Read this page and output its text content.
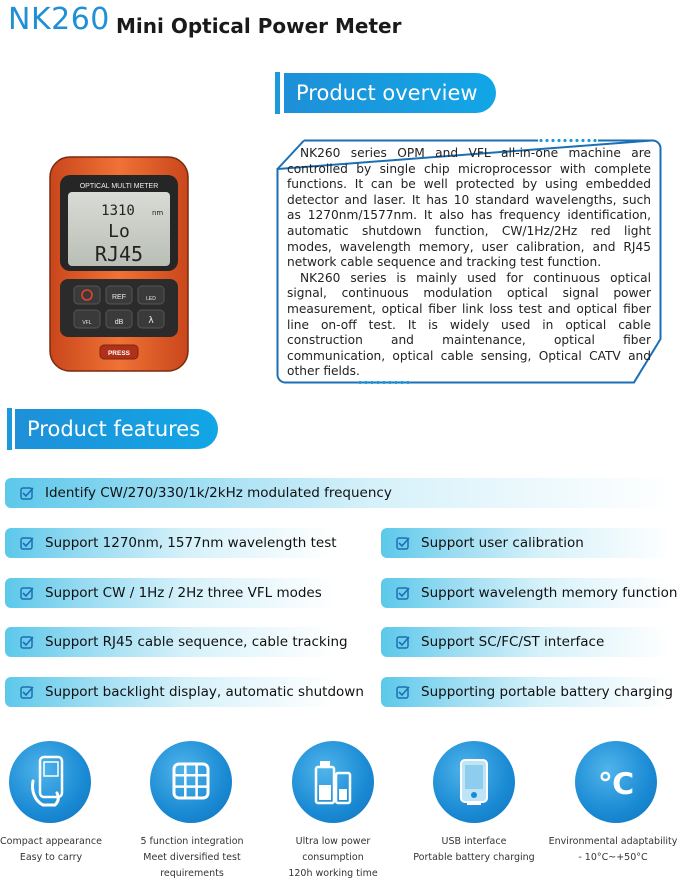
NK260 Mini Optical Power Meter
Product overview

NK260 series OPM and VFL all-in-one machine are controlled by single chip microprocessor with complete functions. It can be well protected by using embedded detector and laser. It has 10 standard wavelengths, such as 1270nm/1577nm. It also has frequency identification, automatic shutdown function, CW/1Hz/2Hz red light modes, wavelength memory, user calibration, and RJ45 network cable sequence and tracking test function.

NK260 series is mainly used for continuous optical signal, continuous modulation optical signal power measurement, optical fiber link loss test and optical fiber line on-off test. It is widely used in optical cable construction and maintenance, optical fiber communication, optical cable sensing, Optical CATV and other fields.

OPTICAL MULTI METER
1310 nm
Lo
RJ45
REF	LED
VFL	dB	λ
PRESS
Product features
Identify CW/270/330/1k/2kHz modulated frequency
Support 1270nm, 1577nm wavelength test	Support user calibration
Support CW / 1Hz / 2Hz three VFL modes	Support wavelength memory function
Support RJ45 cable sequence, cable tracking	Support SC/FC/ST interface
Support backlight display, automatic shutdown	Supporting portable battery charging
℃
Compact appearance
Easy to carry
5 function integration
Meet diversified test requirements
Ultra low power consumption
120h working time
USB interface
Portable battery charging
Environmental adaptability
- 10°C~+50°C
